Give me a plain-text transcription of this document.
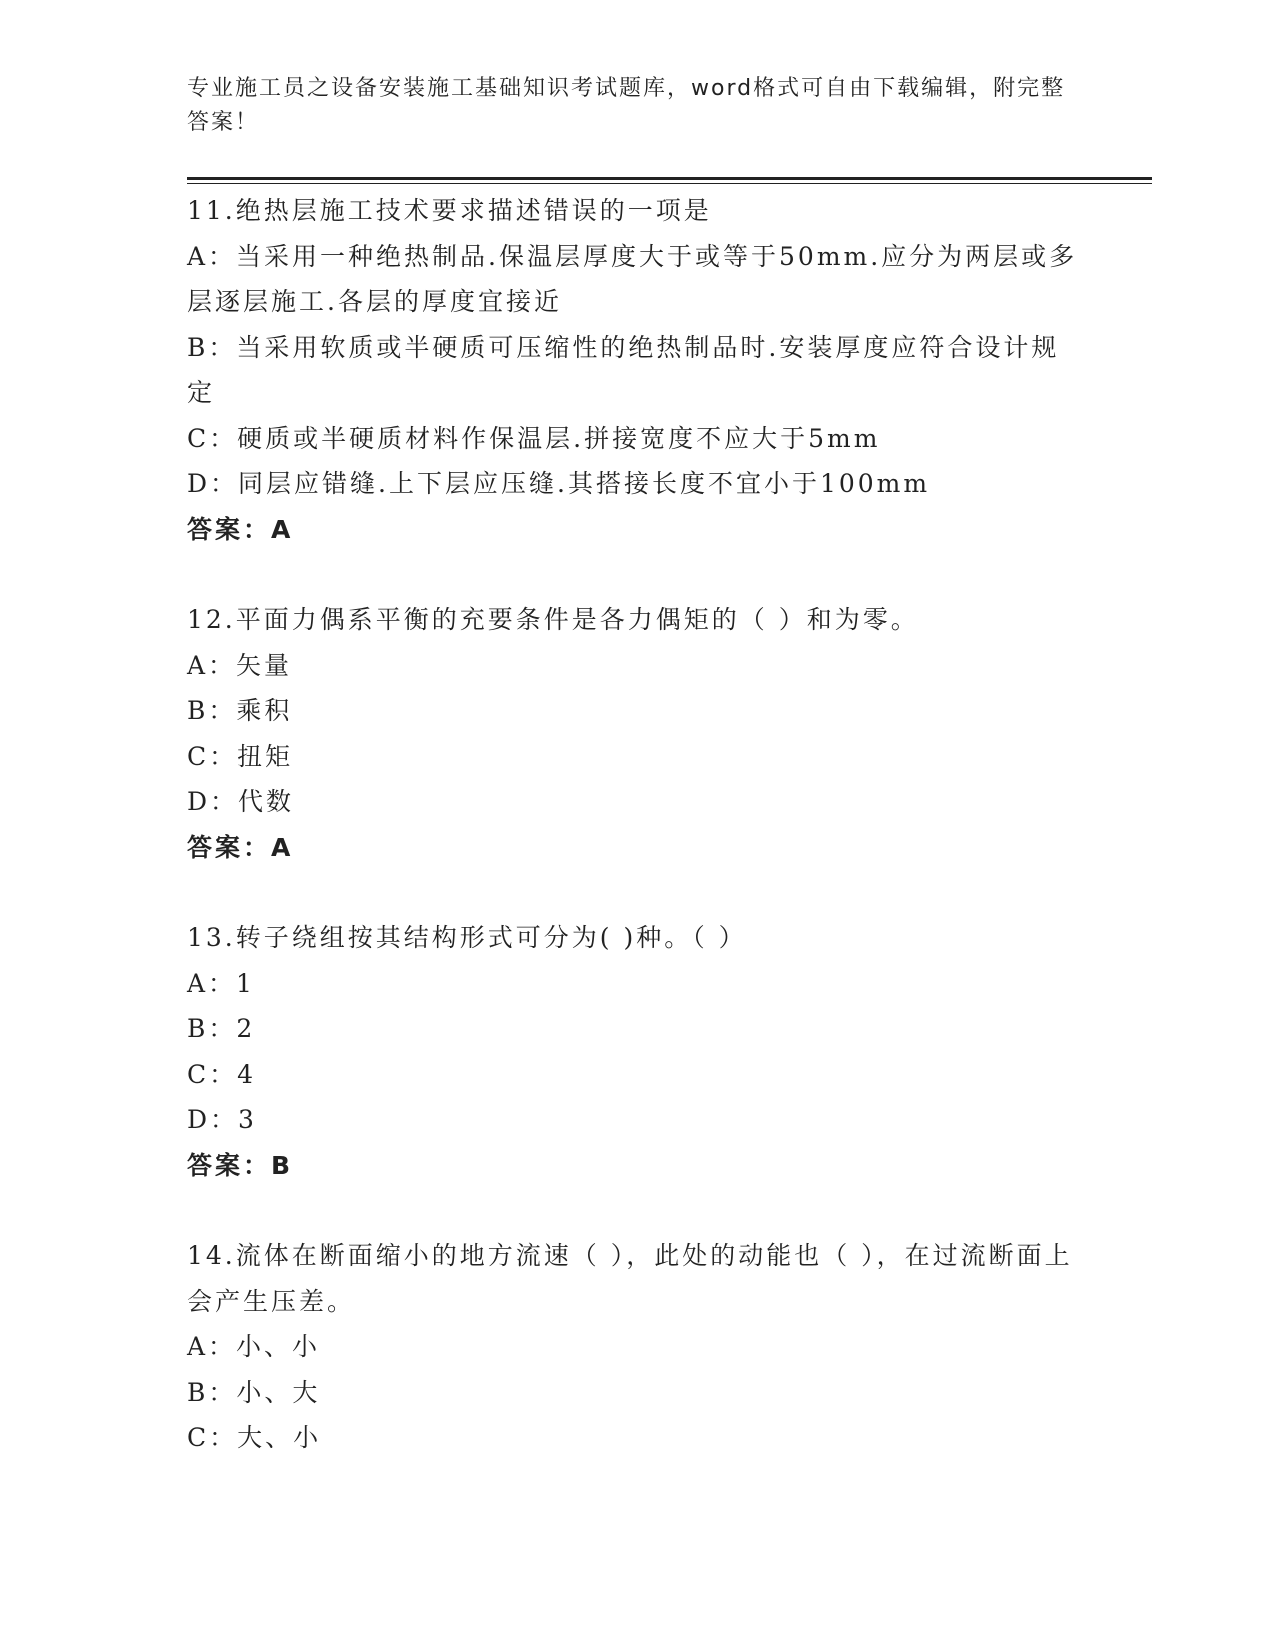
专业施工员之设备安装施工基础知识考试题库，word格式可自由下载编辑，附完整答案！

11.绝热层施工技术要求描述错误的一项是

A：当采用一种绝热制品.保温层厚度大于或等于50mm.应分为两层或多层逐层施工.各层的厚度宜接近

B：当采用软质或半硬质可压缩性的绝热制品时.安装厚度应符合设计规定

C：硬质或半硬质材料作保温层.拼接宽度不应大于5mm

D：同层应错缝.上下层应压缝.其搭接长度不宜小于100mm

答案：A

12.平面力偶系平衡的充要条件是各力偶矩的（ ）和为零。

A：矢量

B：乘积

C：扭矩

D：代数

答案：A

13.转子绕组按其结构形式可分为( )种。（ ）

A：1

B：2

C：4

D：3

答案：B

14.流体在断面缩小的地方流速（ ），此处的动能也（ ），在过流断面上会产生压差。

A：小、小

B：小、大

C：大、小
